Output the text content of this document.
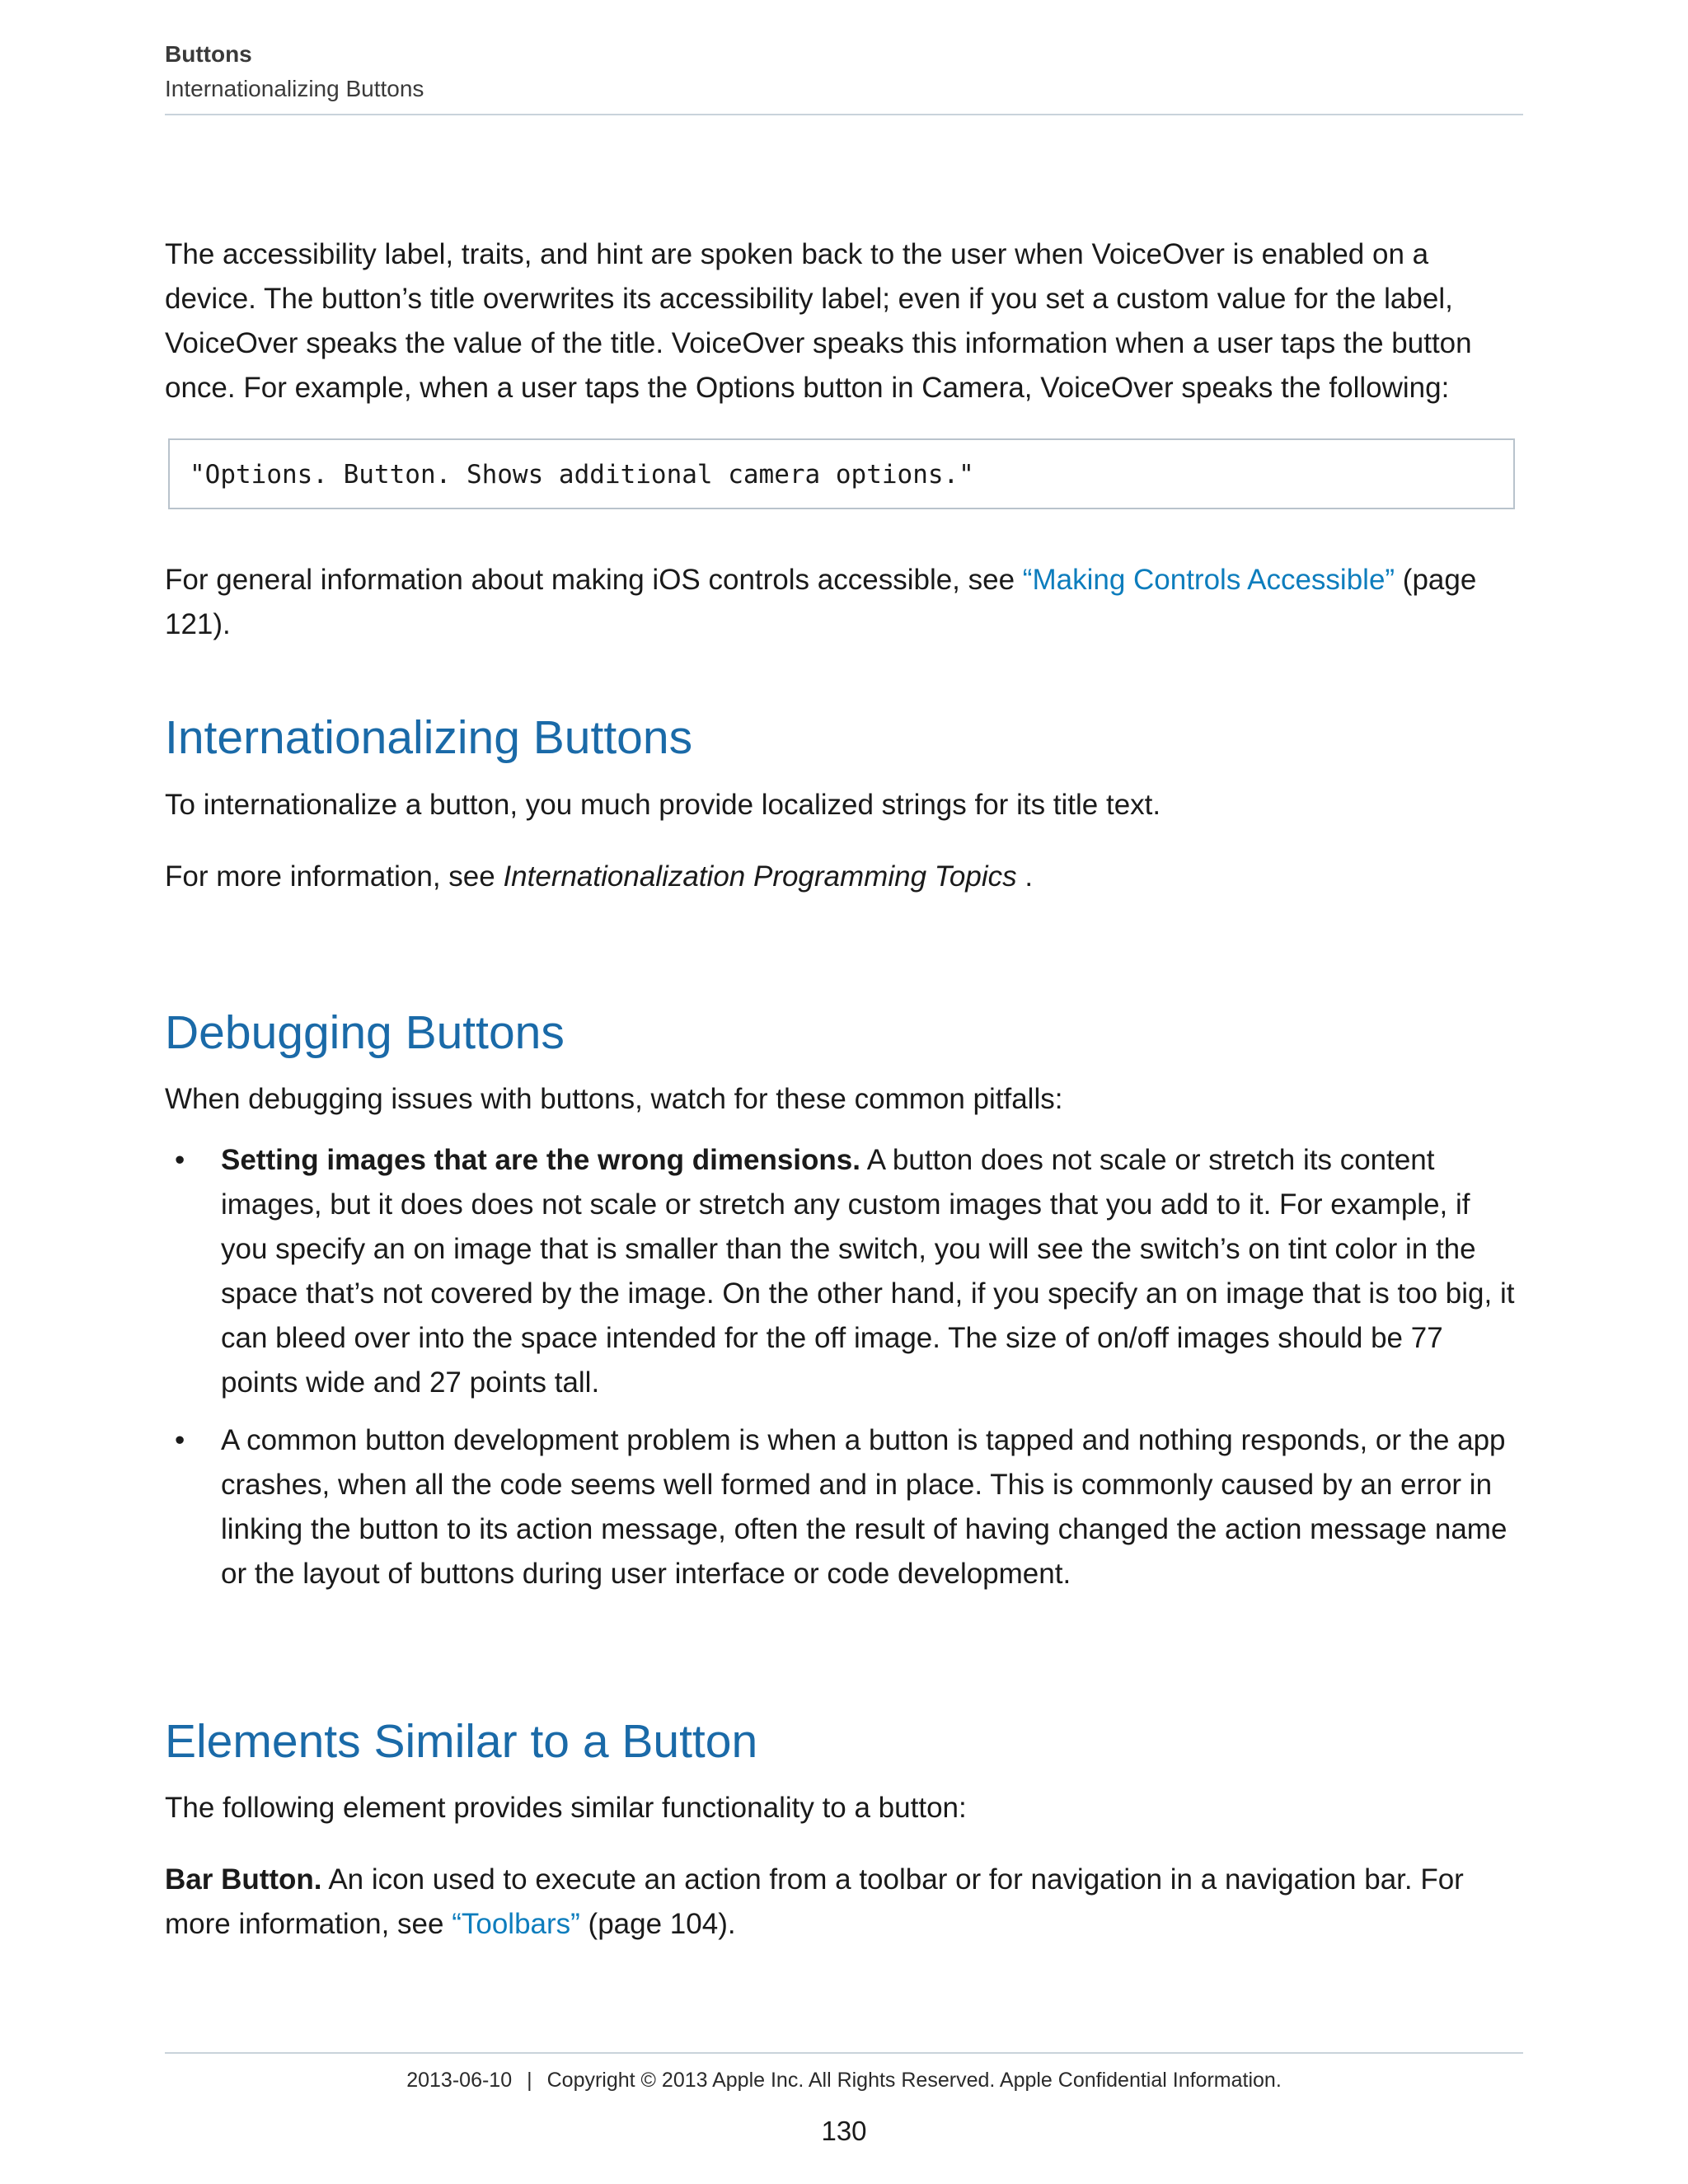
Buttons
Internationalizing Buttons

The accessibility label, traits, and hint are spoken back to the user when VoiceOver is enabled on a device. The button’s title overwrites its accessibility label; even if you set a custom value for the label, VoiceOver speaks the value of the title. VoiceOver speaks this information when a user taps the button once. For example, when a user taps the Options button in Camera, VoiceOver speaks the following:

"Options. Button. Shows additional camera options."

For general information about making iOS controls accessible, see “Making Controls Accessible” (page 121).

Internationalizing Buttons

To internationalize a button, you much provide localized strings for its title text.

For more information, see Internationalization Programming Topics .

Debugging Buttons

When debugging issues with buttons, watch for these common pitfalls:

• Setting images that are the wrong dimensions. A button does not scale or stretch its content images, but it does does not scale or stretch any custom images that you add to it. For example, if you specify an on image that is smaller than the switch, you will see the switch’s on tint color in the space that’s not covered by the image. On the other hand, if you specify an on image that is too big, it can bleed over into the space intended for the off image. The size of on/off images should be 77 points wide and 27 points tall.
• A common button development problem is when a button is tapped and nothing responds, or the app crashes, when all the code seems well formed and in place. This is commonly caused by an error in linking the button to its action message, often the result of having changed the action message name or the layout of buttons during user interface or code development.
Elements Similar to a Button

The following element provides similar functionality to a button:

Bar Button. An icon used to execute an action from a toolbar or for navigation in a navigation bar. For more information, see “Toolbars” (page 104).

2013-06-10 | Copyright © 2013 Apple Inc. All Rights Reserved. Apple Confidential Information.
130
